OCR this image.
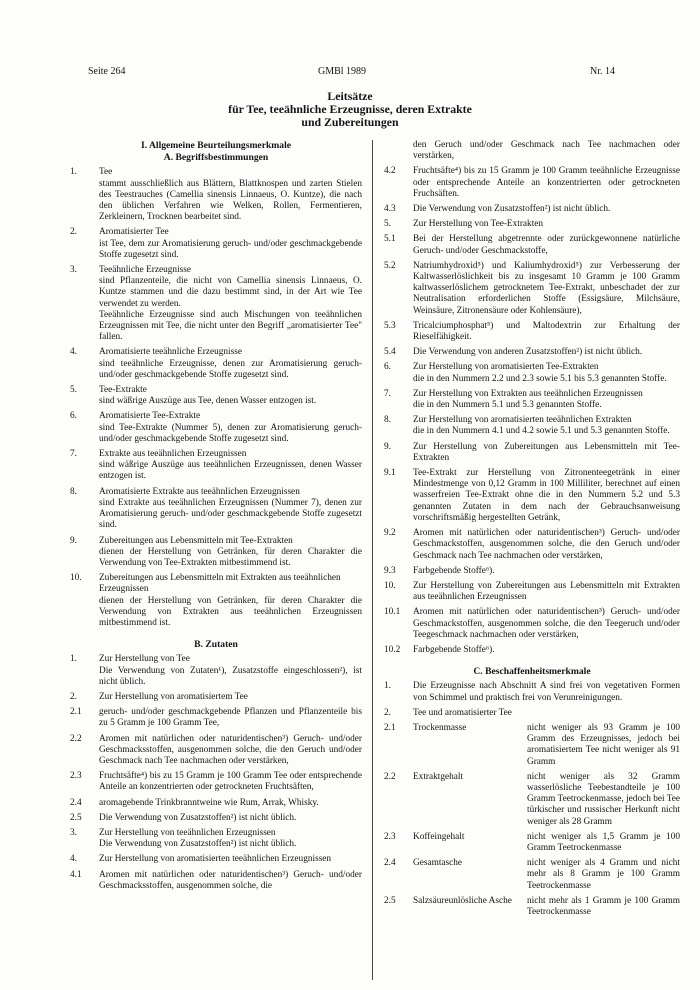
Seite 264	GMBl 1989	Nr. 14
Leitsätze
für Tee, teeähnliche Erzeugnisse, deren Extrakte
und Zubereitungen
I. Allgemeine Beurteilungsmerkmale
A. Begriffsbestimmungen
1. Tee

stammt ausschließlich aus Blättern, Blattknospen und zarten Stielen des Teestrauches (Camellia sinensis Linnaeus, O. Kuntze), die nach den üblichen Verfahren wie Welken, Rollen, Fermentieren, Zerkleinern, Trocknen bearbeitet sind.

2. Aromatisierter Tee

ist Tee, dem zur Aromatisierung geruch- und/oder geschmackgebende Stoffe zugesetzt sind.

3. Teeähnliche Erzeugnisse

sind Pflanzenteile, die nicht von Camellia sinensis Linnaeus, O. Kuntze stammen und die dazu bestimmt sind, in der Art wie Tee verwendet zu werden.

Teeähnliche Erzeugnisse sind auch Mischungen von teeähnlichen Erzeugnissen mit Tee, die nicht unter den Begriff „aromatisierter Tee" fallen.

4. Aromatisierte teeähnliche Erzeugnisse

sind teeähnliche Erzeugnisse, denen zur Aromatisierung geruch- und/oder geschmackgebende Stoffe zugesetzt sind.

5. Tee-Extrakte

sind wäßrige Auszüge aus Tee, denen Wasser entzogen ist.

6. Aromatisierte Tee-Extrakte

sind Tee-Extrakte (Nummer 5), denen zur Aromatisierung geruch- und/oder geschmackgebende Stoffe zugesetzt sind.

7. Extrakte aus teeähnlichen Erzeugnissen

sind wäßrige Auszüge aus teeähnlichen Erzeugnissen, denen Wasser entzogen ist.

8. Aromatisierte Extrakte aus teeähnlichen Erzeugnissen

sind Extrakte aus teeähnlichen Erzeugnissen (Nummer 7), denen zur Aromatisierung geruch- und/oder geschmackgebende Stoffe zugesetzt sind.

9. Zubereitungen aus Lebensmitteln mit Tee-Extrakten

dienen der Herstellung von Getränken, für deren Charakter die Verwendung von Tee-Extrakten mitbestimmend ist.

10. Zubereitungen aus Lebensmitteln mit Extrakten aus teeähnlichen Erzeugnissen

dienen der Herstellung von Getränken, für deren Charakter die Verwendung von Extrakten aus teeähnlichen Erzeugnissen mitbestimmend ist.

B. Zutaten
1. Zur Herstellung von Tee

Die Verwendung von Zutaten¹), Zusatzstoffe eingeschlossen²), ist nicht üblich.

2. Zur Herstellung von aromatisiertem Tee

2.1 geruch- und/oder geschmackgebende Pflanzen und Pflanzenteile bis zu 5 Gramm je 100 Gramm Tee,

2.2 Aromen mit natürlichen oder naturidentischen³) Geruch- und/oder Geschmacksstoffen, ausgenommen solche, die den Geruch und/oder Geschmack nach Tee nachmachen oder verstärken,

2.3 Fruchtsäfte⁴) bis zu 15 Gramm je 100 Gramm Tee oder entsprechende Anteile an konzentrierten oder getrockneten Fruchtsäften,

2.4 aromagebende Trinkbranntweine wie Rum, Arrak, Whisky.

2.5 Die Verwendung von Zusatzstoffen²) ist nicht üblich.

3. Zur Herstellung von teeähnlichen Erzeugnissen

Die Verwendung von Zusatzstoffen²) ist nicht üblich.

4. Zur Herstellung von aromatisierten teeähnlichen Erzeugnissen

4.1 Aromen mit natürlichen oder naturidentischen³) Geruch- und/oder Geschmacksstoffen, ausgenommen solche, die

den Geruch und/oder Geschmack nach Tee nachmachen oder verstärken,

4.2 Fruchtsäfte⁴) bis zu 15 Gramm je 100 Gramm teeähnliche Erzeugnisse oder entsprechende Anteile an konzentrierten oder getrockneten Fruchsäften.

4.3 Die Verwendung von Zusatzstoffen²) ist nicht üblich.

5. Zur Herstellung von Tee-Extrakten

5.1 Bei der Herstellung abgetrennte oder zurückgewonnene natürliche Geruch- und/oder Geschmackstoffe,

5.2 Natriumhydroxid⁵) und Kaliumhydroxid⁵) zur Verbesserung der Kaltwasserlöslichkeit bis zu insgesamt 10 Gramm je 100 Gramm kaltwasserlöslichem getrocknetem Tee-Extrakt, unbeschadet der zur Neutralisation erforderlichen Stoffe (Essigsäure, Milchsäure, Weinsäure, Zitronensäure oder Kohlensäure),

5.3 Tricalciumphosphat⁵) und Maltodextrin zur Erhaltung der Rieselfähigkeit.

5.4 Die Verwendung von anderen Zusatzstoffen²) ist nicht üblich.

6. Zur Herstellung von aromatisierten Tee-Extrakten

die in den Nummern 2.2 und 2.3 sowie 5.1 bis 5.3 genannten Stoffe.

7. Zur Herstellung von Extrakten aus teeähnlichen Erzeugnissen

die in den Nummern 5.1 und 5.3 genannten Stoffe.

8. Zur Herstellung von aromatisierten teeähnlichen Extrakten

die in den Nummern 4.1 und 4.2 sowie 5.1 und 5.3 genannten Stoffe.

9. Zur Herstellung von Zubereitungen aus Lebensmitteln mit Tee-Extrakten

9.1 Tee-Extrakt zur Herstellung von Zitronenteegetränk in einer Mindestmenge von 0,12 Gramm in 100 Milliliter, berechnet auf einen wasserfreien Tee-Extrakt ohne die in den Nummern 5.2 und 5.3 genannten Zutaten in dem nach der Gebrauchsanweisung vorschriftsmäßig hergestellten Getränk,

9.2 Aromen mit natürlichen oder naturidentischen³) Geruch- und/oder Geschmackstoffen, ausgenommen solche, die den Geruch und/oder Geschmack nach Tee nachmachen oder verstärken,

9.3 Farbgebende Stoffe⁶).

10. Zur Herstellung von Zubereitungen aus Lebensmitteln mit Extrakten aus teeähnlichen Erzeugnissen

10.1 Aromen mit natürlichen oder naturidentischen³) Geruch- und/oder Geschmackstoffen, ausgenommen solche, die den Teegeruch und/oder Teegeschmack nachmachen oder verstärken,

10.2 Farbgebende Stoffe⁶).

C. Beschaffenheitsmerkmale
1. Die Erzeugnisse nach Abschnitt A sind frei von vegetativen Formen von Schimmel und praktisch frei von Verunreinigungen.

2. Tee und aromatisierter Tee

2.1 Trockenmasse	nicht weniger als 93 Gramm je 100 Gramm des Erzeugnisses, jedoch bei aromatisiertem Tee nicht weniger als 91 Gramm
2.2 Extraktgehalt	nicht weniger als 32 Gramm wasserlösliche Teebestandteile je 100 Gramm Teetrockenmasse, jedoch bei Tee türkischer und russischer Herkunft nicht weniger als 28 Gramm
2.3 Koffeingehalt	nicht weniger als 1,5 Gramm je 100 Gramm Teetrockenmasse
2.4 Gesamtasche	nicht weniger als 4 Gramm und nicht mehr als 8 Gramm je 100 Gramm Teetrockenmasse
2.5 Salzsäureunlösliche Asche	nicht mehr als 1 Gramm je 100 Gramm Teetrockenmasse
